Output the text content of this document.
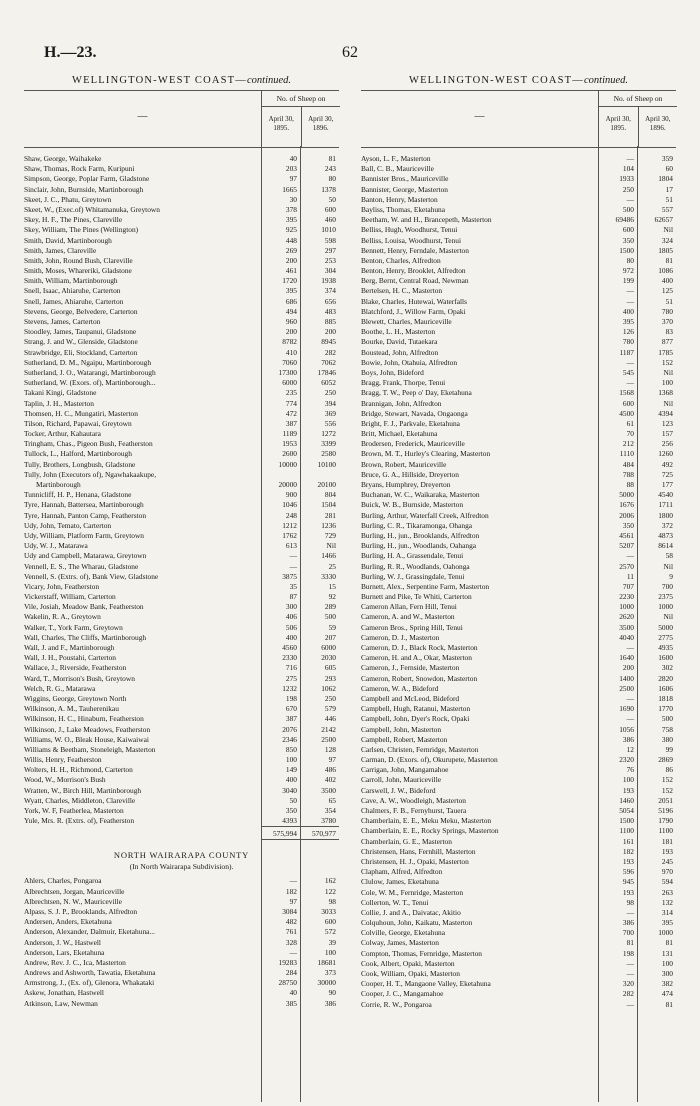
H.—23.	62
WELLINGTON-WEST COAST—continued.
—
No. of Sheep on
April 30, 1895.
April 30, 1896.
Shaw, George, Waihakeke	40	81
Shaw, Thomas, Rock Farm, Kuripuni	203	243
Simpson, George, Poplar Farm, Gladstone	97	80
Sinclair, John, Burnside, Martinborough	1665	1378
Skeet, J. C., Phatu, Greytown	30	50
Skeet, W., (Exec.of) Whitamanuka, Greytown	378	600
Skey, H. F., The Pines, Clareville	395	460
Skey, William, The Pines (Wellington)	925	1010
Smith, David, Martinborough	448	598
Smith, James, Clareville	269	297
Smith, John, Round Bush, Clareville	200	253
Smith, Moses, Whareriki, Gladstone	461	304
Smith, William, Martinborough	1720	1938
Snell, Isaac, Ahiaruhe, Carterton	395	374
Snell, James, Ahiaruhe, Carterton	686	656
Stevens, George, Belvedere, Carterton	494	483
Stevens, James, Carterton	960	885
Stoodley, James, Taupanui, Gladstone	200	200
Strang, J. and W., Glenside, Gladstone	8782	8945
Strawbridge, Eli, Stockland, Carterton	410	282
Sutherland, D. M., Ngaipu, Martinborough	7060	7062
Sutherland, J. O., Watarangi, Martinborough	17300	17846
Sutherland, W. (Exors. of), Martinborough...	6000	6052
Takani Kingi, Gladstone	235	250
Taplin, J. H., Masterton	774	394
Thomsen, H. C., Mungatiri, Masterton	472	369
Tilson, Richard, Papawai, Greytown	387	556
Tocker, Arthur, Kahautara	1189	1272
Tringham, Chas., Pigeon Bush, Featherston	1953	3399
Tullock, L., Halford, Martinborough	2600	2580
Tully, Brothers, Longbush, Gladstone	10000	10100
Tully, John (Executors of), Ngawhakaakupe,
Martinborough	20000	20100
Tunnicliff, H. P., Henana, Gladstone	900	804
Tyre, Hannah, Battersea, Martinborough	1046	1504
Tyre, Hannah, Panton Camp, Featherston	248	281
Udy, John, Temato, Carterton	1212	1236
Udy, William, Platform Farm, Greytown	1762	729
Udy, W. J., Matarawa	613	Nil
Udy and Campbell, Matarawa, Greytown	—	1466
Vennell, E. S., The Wharau, Gladstone	—	25
Vennell, S. (Extrs. of), Bank View, Gladstone	3875	3330
Vicary, John, Featherston	35	15
Vickerstaff, William, Carterton	87	92
Vile, Josiah, Meadow Bank, Featherston	300	289
Wakelin, R. A., Greytown	406	500
Walker, T., York Farm, Greytown	506	59
Wall, Charles, The Cliffs, Martinborough	400	207
Wall, J. and F., Martinborough	4560	6000
Wall, J. H., Poustahi, Carterton	2330	2030
Wallace, J., Riverside, Featherston	716	605
Ward, T., Morrison's Bush, Greytown	275	293
Welch, R. G., Matarawa	1232	1062
Wiggins, George, Greytown North	198	250
Wilkinson, A. M., Tauherenikau	670	579
Wilkinson, H. C., Hinaburn, Featherston	387	446
Wilkinson, J., Lake Meadows, Featherston	2076	2142
Williams, W. O., Bleak House, Kaiwaiwai	2346	2500
Williams & Beetham, Stoneleigh, Masterton	850	128
Willis, Henry, Featherston	100	97
Wolters, H. H., Richmond, Carterton	149	486
Wood, W., Morrison's Bush	400	402
Wratten, W., Birch Hill, Martinborough	3040	3500
Wyatt, Charles, Middleton, Clareville	50	65
York, W. F, Featherlea, Masterton	350	354
Yule, Mrs. R. (Extrs. of), Featherston	4393	3780
575,994	570,977
NORTH WAIRARAPA COUNTY
(In North Wairarapa Subdivision).
Ahlers, Charles, Pongaroa	—	162
Albrechtsen, Jorgan, Mauriceville	182	122
Albrechtsen, N. W., Mauriceville	97	98
Alpass, S. J. P., Brooklands, Alfredton	3084	3033
Andersen, Anders, Eketahuna	482	600
Anderson, Alexander, Dalmuir, Eketahuna...	761	572
Anderson, J. W., Hastwell	328	39
Anderson, Lars, Eketahuna	—	100
Andrew, Rev. J. C., Ica, Masterton	19283	18681
Andrews and Ashworth, Tawatia, Eketahuna	284	373
Armstrong, J., (Ex. of), Glenora, Whakataki	28750	30000
Askew, Jonathan, Hastwell	40	90
Atkinson, Law, Newman	385	386
WELLINGTON-WEST COAST—continued.
—
No. of Sheep on
April 30, 1895.
April 30, 1896.
Ayson, L. F., Masterton	—	359
Ball, C. B., Mauriceville	104	60
Bannister Bros., Mauriceville	1933	1804
Bannister, George, Masterton	250	17
Banton, Henry, Masterton	—	51
Bayliss, Thomas, Eketahuna	500	557
Beetham, W. and H., Brancepeth, Masterton	69486	62657
Belliss, Hugh, Woodhurst, Tenui	600	Nil
Belliss, Louisa, Woodhurst, Tenui	350	324
Bennett, Henry, Ferndale, Masterton	1500	1805
Benton, Charles, Alfredton	80	81
Benton, Henry, Brooklet, Alfredton	972	1086
Berg, Bernt, Central Road, Newman	199	400
Bertelsen, H. C., Masterton	—	125
Blake, Charles, Hutewai, Waterfalls	—	51
Blatchford, J., Willow Farm, Opaki	400	780
Blewett, Charles, Mauriceville	395	370
Boothe, L. H., Masterton	126	83
Bourke, David, Tutaekara	780	877
Boustead, John, Alfredton	1187	1785
Bowie, John, Otahuia, Alfredton	—	152
Boys, John, Bideford	545	Nil
Bragg, Frank, Thorpe, Tenui	—	100
Bragg, T. W., Peep o' Day, Eketahuna	1568	1368
Brannigan, John, Alfredton	600	Nil
Bridge, Stewart, Navada, Ongaonga	4500	4394
Bright, F. J., Parkvale, Eketahuna	61	123
Britt, Michael, Eketahuna	70	157
Brodersen, Frederick, Mauriceville	212	256
Brown, M. T., Hurley's Clearing, Masterton	1110	1260
Brown, Robert, Mauriceville	484	492
Bruce, G. A., Hillside, Dreyerton	788	725
Bryans, Humphrey, Dreyerton	88	177
Buchanan, W. C., Waikaraka, Masterton	5000	4540
Buick, W. B., Burnside, Masterton	1676	1711
Burling, Arthur, Waterfall Creek, Alfredton	2006	1800
Burling, C. R., Tikaramonga, Ohanga	350	372
Burling, H., jun., Brooklands, Alfredton	4561	4873
Burling, H., jun., Woodlands, Oahanga	5207	8614
Burling, H. A., Grassendale, Tenui	—	58
Burling, R. R., Woodlands, Oahonga	2570	Nil
Burling, W. J., Grassingdale, Tenui	11	9
Burnett, Alex., Serpentine Farm, Masterton	707	700
Burnett and Pike, Te Whiti, Carterton	2230	2375
Cameron Allan, Fern Hill, Tenui	1000	1000
Cameron, A. and W., Masterton	2620	Nil
Cameron Bros., Spring Hill, Tenui	3500	5000
Cameron, D. J., Masterton	4040	2775
Cameron, D. J., Black Rock, Masterton	—	4935
Cameron, H. and A., Okar, Masterton	1640	1600
Cameron, J., Fernside, Masterton	200	302
Cameron, Robert, Snowdon, Masterton	1400	2820
Cameron, W. A., Bideford	2500	1606
Campbell and McLeod, Bideford	—	1818
Campbell, Hugh, Ratanui, Masterton	1690	1770
Campbell, John, Dyer's Rock, Opaki	—	500
Campbell, John, Masterton	1056	758
Campbell, Robert, Masterton	386	380
Carlsen, Christen, Fernridge, Masterton	12	99
Carman, D. (Exors. of), Okurupete, Masterton	2320	2869
Carrigan, John, Mangamahoe	76	86
Carroll, John, Mauriceville	100	152
Carswell, J. W., Bideford	193	152
Cave, A. W., Woodleigh, Masterton	1460	2051
Chalmers, F. B., Fernyhurst, Tauera	5054	5196
Chamberlain, E. E., Meku Meku, Masterton	1500	1790
Chamberlain, E. E., Rocky Springs, Masterton	1100	1100
Chamberlain, G. E., Masterton	161	181
Christensen, Hans, Fernhill, Masterton	182	193
Christensen, H. J., Opaki, Masterton	193	245
Clapham, Alfred, Alfredton	596	970
Clulow, James, Eketahuna	945	594
Cole, W. M., Fernridge, Masterton	193	263
Collerton, W. T., Tenui	98	132
Collie, J. and A., Daivatac, Akitio	—	314
Colquhoun, John, Kaikatu, Masterton	386	395
Colville, George, Eketahuna	700	1000
Colway, James, Masterton	81	81
Compton, Thomas, Fernridge, Masterton	198	131
Cook, Albert, Opaki, Masterton	—	100
Cook, William, Opaki, Masterton	—	300
Cooper, H. T., Mangaone Valley, Eketahuna	320	382
Cooper, J. C., Mangamahoe	282	474
Corrie, R. W., Pongaroa	—	81
